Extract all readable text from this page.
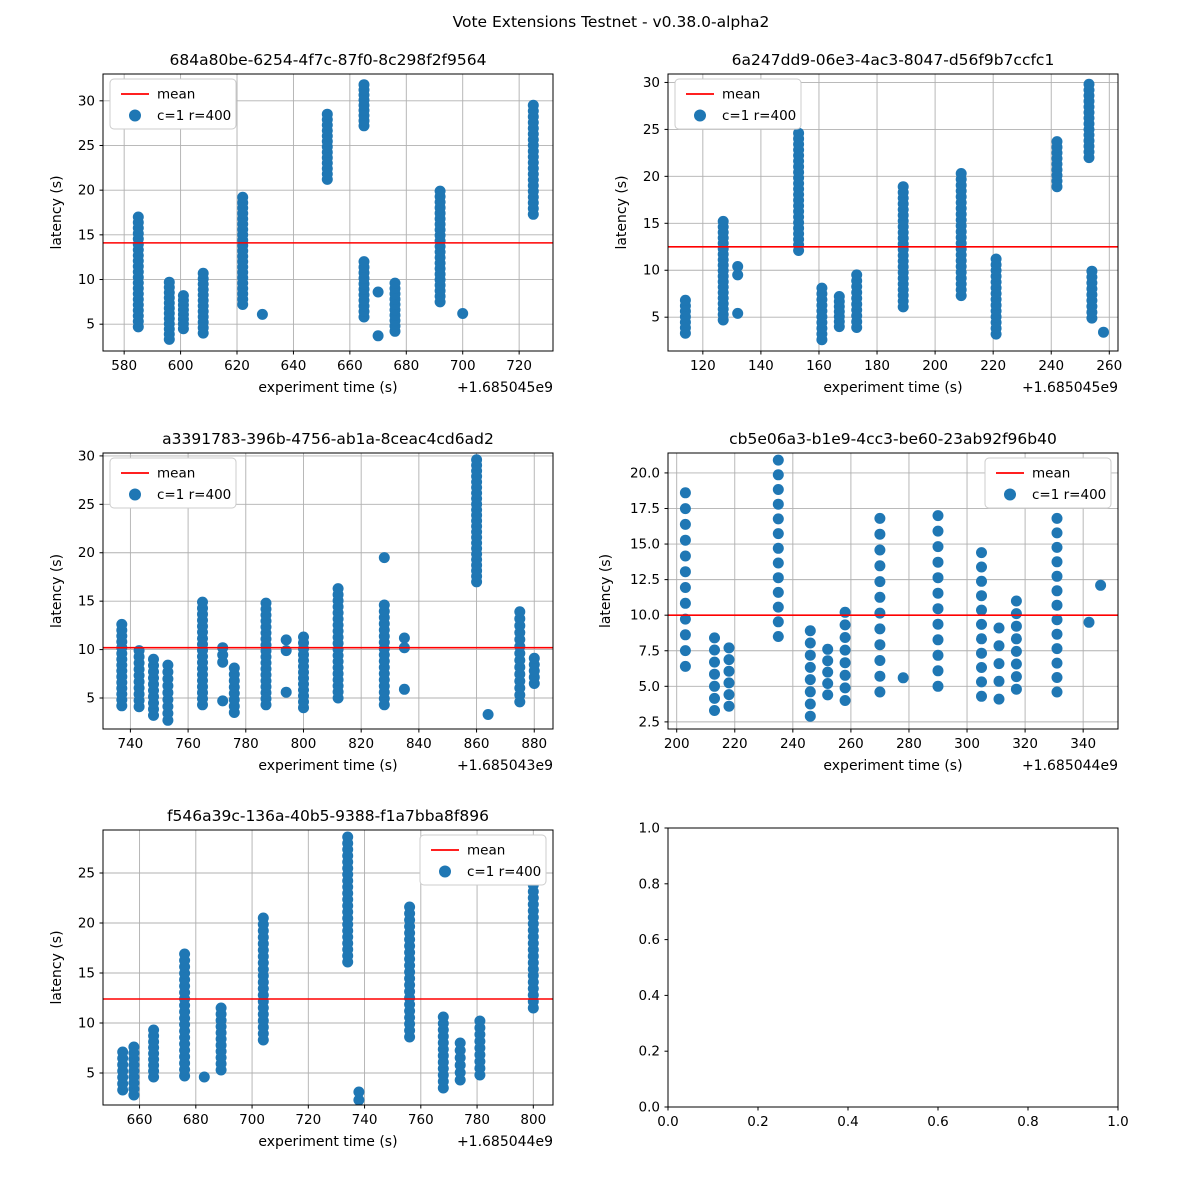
Vote Extensions Testnet - v0.38.0-alpha2
580 600 620 640 660 680 700 720
5
10
15
20
25
30
684a80be-6254-4f7c-87f0-8c298f2f9564
experiment time (s)	+1.685045e9
latency (s)
mean
c=1 r=400
120 140 160 180 200 220 240 260
5
10
15
20
25
30
6a247dd9-06e3-4ac3-8047-d56f9b7ccfc1
experiment time (s)	+1.685045e9
latency (s)
mean
c=1 r=400
740 760 780 800 820 840 860 880
5
10
15
20
25
30
a3391783-396b-4756-ab1a-8ceac4cd6ad2
experiment time (s)	+1.685043e9
latency (s)
mean
c=1 r=400
200 220 240 260 280 300 320 340
2.5
5.0
7.5
10.0
12.5
15.0
17.5
20.0
cb5e06a3-b1e9-4cc3-be60-23ab92f96b40
experiment time (s)	+1.685044e9
latency (s)
mean
c=1 r=400
660 680 700 720 740 760 780 800
5
10
15
20
25
f546a39c-136a-40b5-9388-f1a7bba8f896
experiment time (s)	+1.685044e9
latency (s)
mean
c=1 r=400
0.0	0.2	0.4	0.6	0.8	1.0
0.0
0.2
0.4
0.6
0.8
1.0
